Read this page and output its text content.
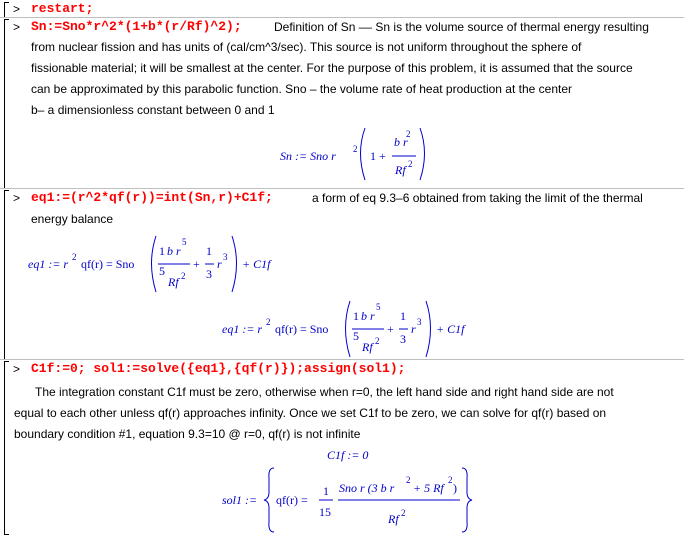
> restart;
> Sn:=Sno*r^2*(1+b*(r/Rf)^2);	Definition of Sn –– Sn is the volume source of thermal energy resulting
from nuclear fission and has units of (cal/cm^3/sec). This source is not uniform throughout the sphere of
fissionable material; it will be smallest at the center. For the purpose of this problem, it is assumed that the source
can be approximated by this parabolic function. Sno – the volume rate of heat production at the center
b– a dimensionless constant between 0 and 1
Sn := Sno r 2 1 +
b r
2
Rf 2
> eq1:=(r^2*qf(r))=int(Sn,r)+C1f;	a form of eq 9.3–6 obtained from taking the limit of the thermal
energy balance
eq1 := r 2 qf(r) = Sno
1 b r
5
5
Rf 2
+
1
3
r 3 + C1f
eq1 := r 2 qf(r) = Sno
1 b r
5
5
Rf 2
+
1
3
r 3 + C1f
> C1f:=0; sol1:=solve({eq1},{qf(r)});assign(sol1);
The integration constant C1f must be zero, otherwise when r=0, the left hand side and right hand side are not
equal to each other unless qf(r) approaches infinity. Once we set C1f to be zero, we can solve for qf(r) based on
boundary condition #1, equation 9.3=10 @ r=0, qf(r) is not infinite
C1f := 0
sol1 := qf(r) =
1
15
Sno r (3 b r
2
+ 5 Rf
2
)
Rf 2
